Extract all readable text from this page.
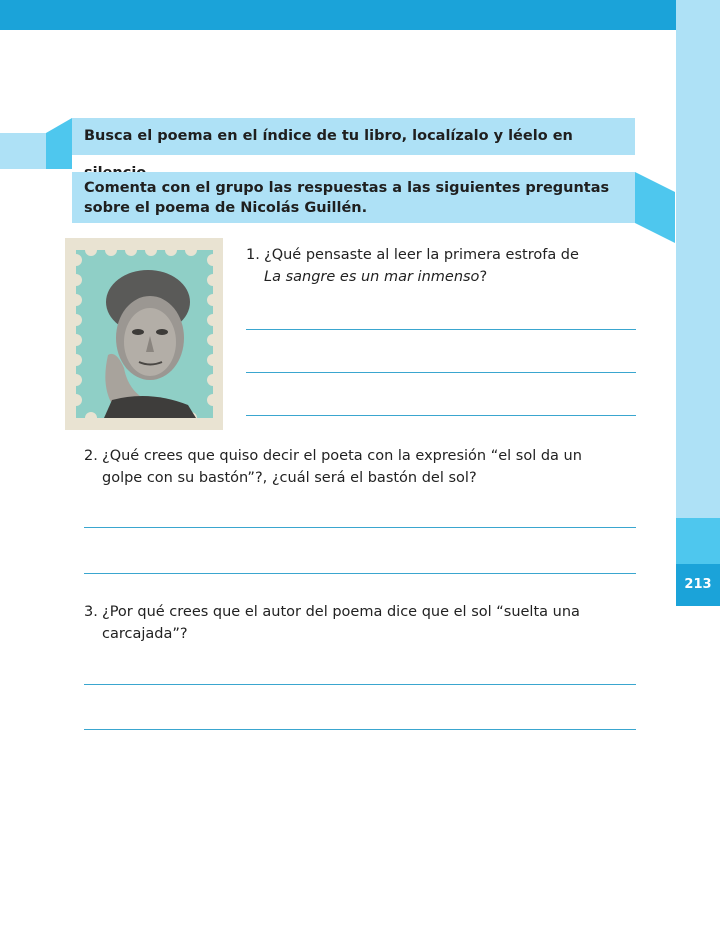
213
Busca el poema en el índice de tu libro, localízalo y léelo en
Comenta con el grupo las respuestas a las siguientes preguntas
sobre el poema de Nicolás Guillén.
1. ¿Qué pensaste al leer la primera estrofa de
La sangre es un mar inmenso?
2. ¿Qué crees que quiso decir el poeta con la expresión “el sol da un
golpe con su bastón”?, ¿cuál será el bastón del sol?
3. ¿Por qué crees que el autor del poema dice que el sol “suelta una
carcajada”?
